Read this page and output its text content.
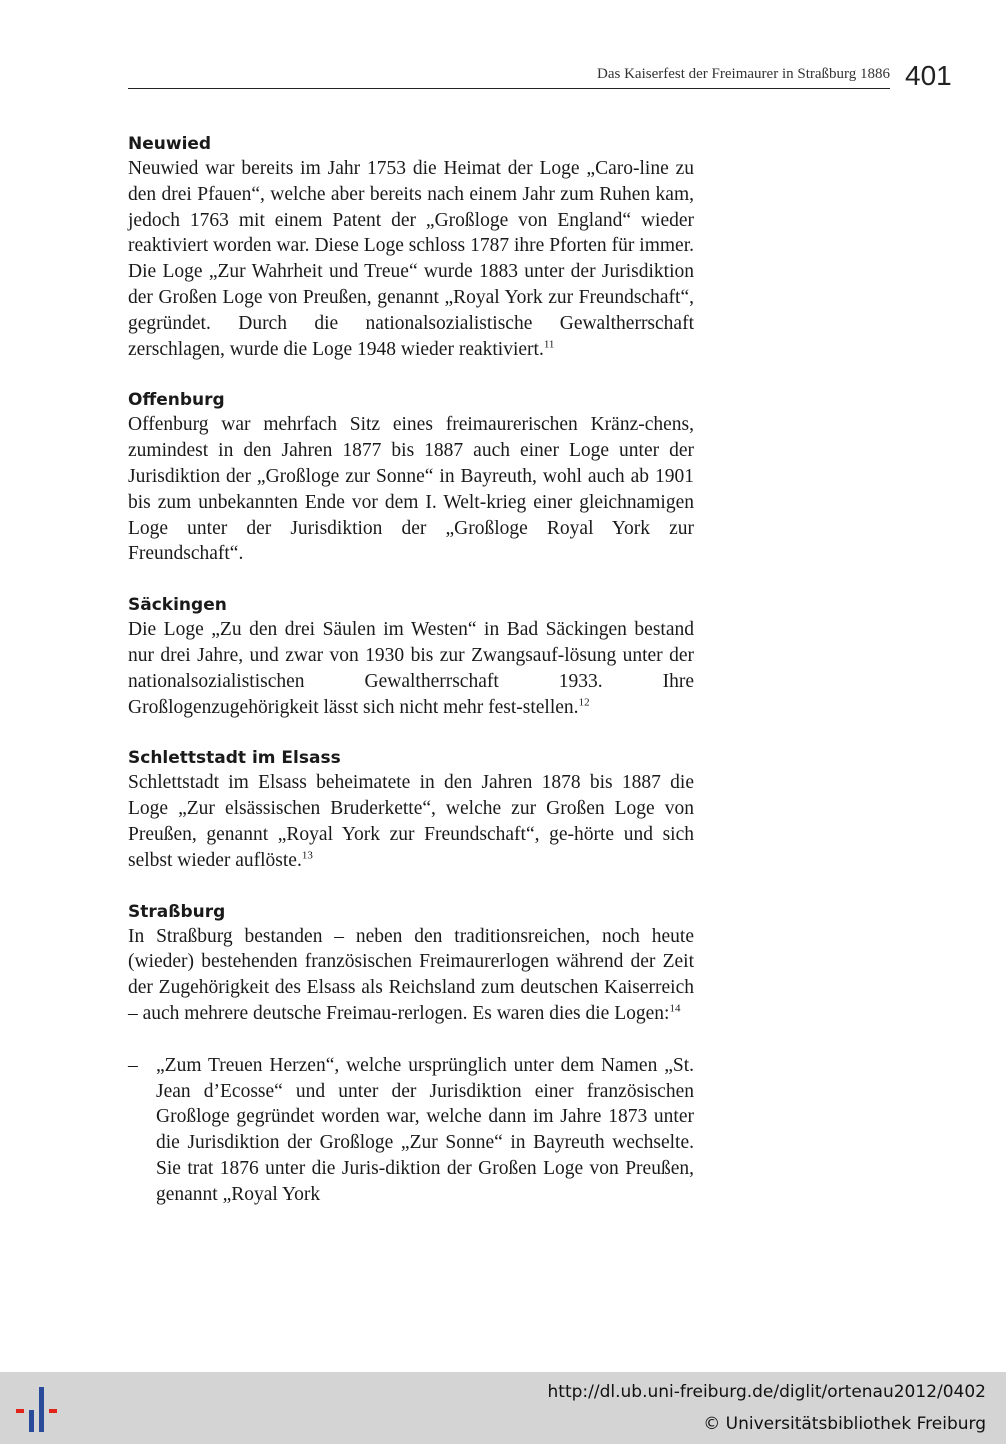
Das Kaiserfest der Freimaurer in Straßburg 1886 401
Neuwied

Neuwied war bereits im Jahr 1753 die Heimat der Loge „Caro-line zu den drei Pfauen“, welche aber bereits nach einem Jahr zum Ruhen kam, jedoch 1763 mit einem Patent der „Großloge von England“ wieder reaktiviert worden war. Diese Loge schloss 1787 ihre Pforten für immer. Die Loge „Zur Wahrheit und Treue“ wurde 1883 unter der Jurisdiktion der Großen Loge von Preußen, genannt „Royal York zur Freundschaft“, gegründet. Durch die nationalsozialistische Gewaltherrschaft zerschlagen, wurde die Loge 1948 wieder reaktiviert.$^{11}$

Offenburg

Offenburg war mehrfach Sitz eines freimaurerischen Kränz-chens, zumindest in den Jahren 1877 bis 1887 auch einer Loge unter der Jurisdiktion der „Großloge zur Sonne“ in Bayreuth, wohl auch ab 1901 bis zum unbekannten Ende vor dem I. Welt-krieg einer gleichnamigen Loge unter der Jurisdiktion der „Großloge Royal York zur Freundschaft“.

Säckingen

Die Loge „Zu den drei Säulen im Westen“ in Bad Säckingen bestand nur drei Jahre, und zwar von 1930 bis zur Zwangsauf-lösung unter der nationalsozialistischen Gewaltherrschaft 1933. Ihre Großlogenzugehörigkeit lässt sich nicht mehr fest-stellen.$^{12}$

Schlettstadt im Elsass

Schlettstadt im Elsass beheimatete in den Jahren 1878 bis 1887 die Loge „Zur elsässischen Bruderkette“, welche zur Großen Loge von Preußen, genannt „Royal York zur Freundschaft“, ge-hörte und sich selbst wieder auflöste.$^{13}$

Straßburg

In Straßburg bestanden – neben den traditionsreichen, noch heute (wieder) bestehenden französischen Freimaurerlogen während der Zeit der Zugehörigkeit des Elsass als Reichsland zum deutschen Kaiserreich – auch mehrere deutsche Freimau-rerlogen. Es waren dies die Logen:$^{14}$

– „Zum Treuen Herzen“, welche ursprünglich unter dem Namen „St. Jean d’Ecosse“ und unter der Jurisdiktion einer französischen Großloge gegründet worden war, welche dann im Jahre 1873 unter die Jurisdiktion der Großloge „Zur Sonne“ in Bayreuth wechselte. Sie trat 1876 unter die Juris-diktion der Großen Loge von Preußen, genannt „Royal York

http://dl.ub.uni-freiburg.de/diglit/ortenau2012/0402
© Universitätsbibliothek Freiburg
